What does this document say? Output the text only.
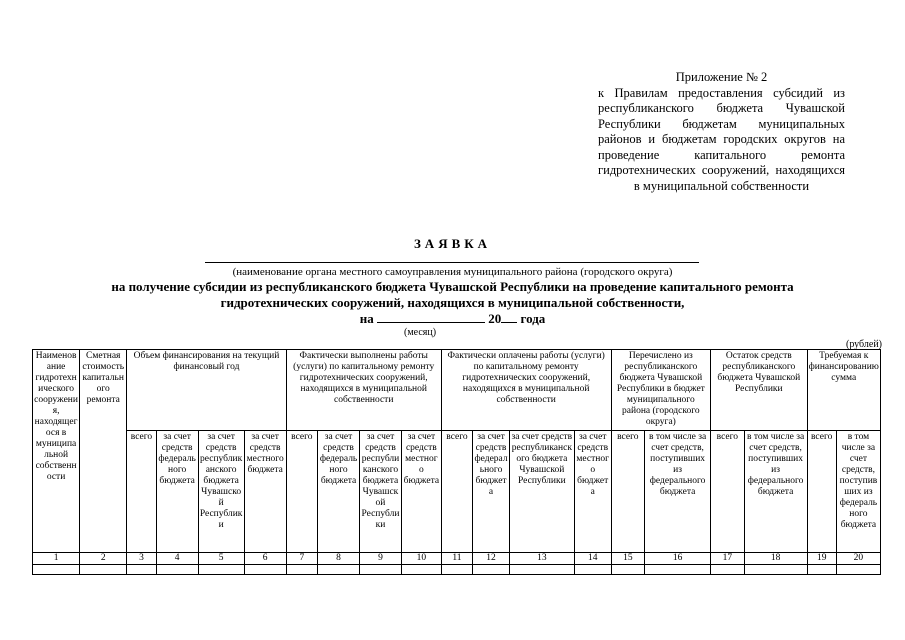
Приложение № 2
к Правилам предоставления субсидий из республиканского бюджета Чувашской Республики бюджетам муниципальных районов и бюджетам городских округов на проведение капитального ремонта гидротехнических сооружений, находящихся в муниципальной собственности
ЗАЯВКА
(наименование органа местного самоуправления муниципального района (городского округа)
на получение субсидии из республиканского бюджета Чувашской Республики на проведение капитального ремонта гидротехнических сооружений, находящихся в муниципальной собственности,
на	20 года
(месяц)
(рублей)
Наименование гидротехнического сооружения, находящегося в муниципальной собственности	Сметная стоимость капитального ремонта	Объем финансирования на текущий финансовый год				Фактически выполнены работы (услуги) по капитальному ремонту гидротехнических сооружений, находящихся в муниципальной собственности				Фактически оплачены работы (услуги) по капитальному ремонту гидротехнических сооружений, находящихся в муниципальной собственности				Перечислено из республиканского бюджета Чувашской Республики в бюджет муниципального района (городского округа)		Остаток средств республиканского бюджета Чувашской Республики		Требуемая к финансированию сумма	
		всего	за счет средств федерального бюджета	за счет средств республиканского бюджета Чувашской Республики	за счет средств местного бюджета	всего	за счет средств федерального бюджета	за счет средств республиканского бюджета Чувашской Республики	за счет средств местного бюджета	всего	за счет средств федерального бюджета	за счет средств республиканского бюджета Чувашской Республики	за счет средств местного бюджета	всего	в том числе за счет средств, поступивших из федерального бюджета	всего	в том числе за счет средств, поступивших из федерального бюджета	всего	в том числе за счет средств, поступивших из федерального бюджета
1	2	3	4	5	6	7	8	9	10	11	12	13	14	15	16	17	18	19	20
